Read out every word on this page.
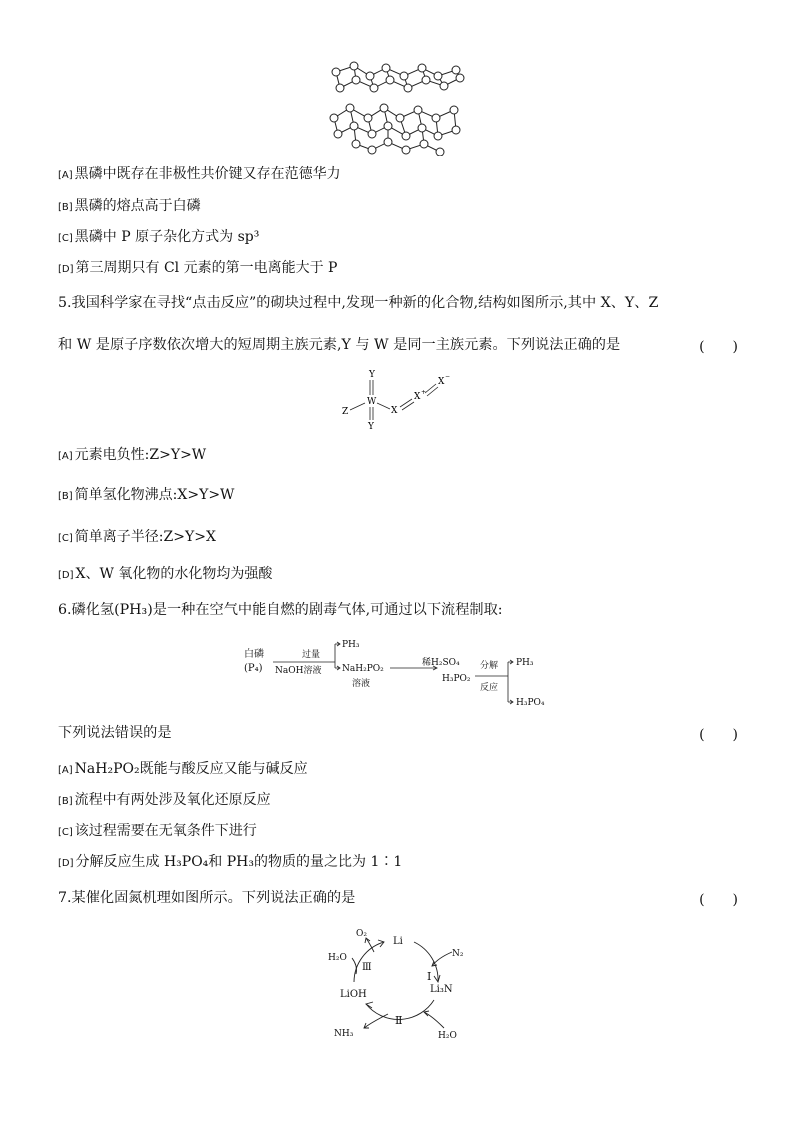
[A] 黑磷中既存在非极性共价键又存在范德华力
[B] 黑磷的熔点高于白磷
[C] 黑磷中 P 原子杂化方式为 sp³
[D] 第三周期只有 Cl 元素的第一电离能大于 P
5.我国科学家在寻找“点击反应”的砌块过程中,发现一种新的化合物,结构如图所示,其中 X、Y、Z
和 W 是原子序数依次增大的短周期主族元素,Y 与 W 是同一主族元素。下列说法正确的是	(　　)
Y
W
Y
Z	X
X +
X
−
[A] 元素电负性:Z>Y>W
[B] 简单氢化物沸点:X>Y>W
[C] 简单离子半径:Z>Y>X
[D] X、W 氧化物的水化物均为强酸
6.磷化氢(PH₃)是一种在空气中能自燃的剧毒气体,可通过以下流程制取:
白磷
(P₄)
过量
NaOH溶液
PH₃
NaH₂PO₂
溶液
稀H₂SO₄
H₃PO₂
分解
反应
PH₃
H₃PO₄
下列说法错误的是	(　　)
[A] NaH₂PO₂既能与酸反应又能与碱反应
[B] 流程中有两处涉及氧化还原反应
[C] 该过程需要在无氧条件下进行
[D] 分解反应生成 H₃PO₄和 PH₃的物质的量之比为 1∶1
7.某催化固氮机理如图所示。下列说法正确的是	(　　)
Li
Li₃N
LiOH
N₂
H₂O
NH₃
H₂O
O₂
Ⅰ
Ⅱ
Ⅲ
